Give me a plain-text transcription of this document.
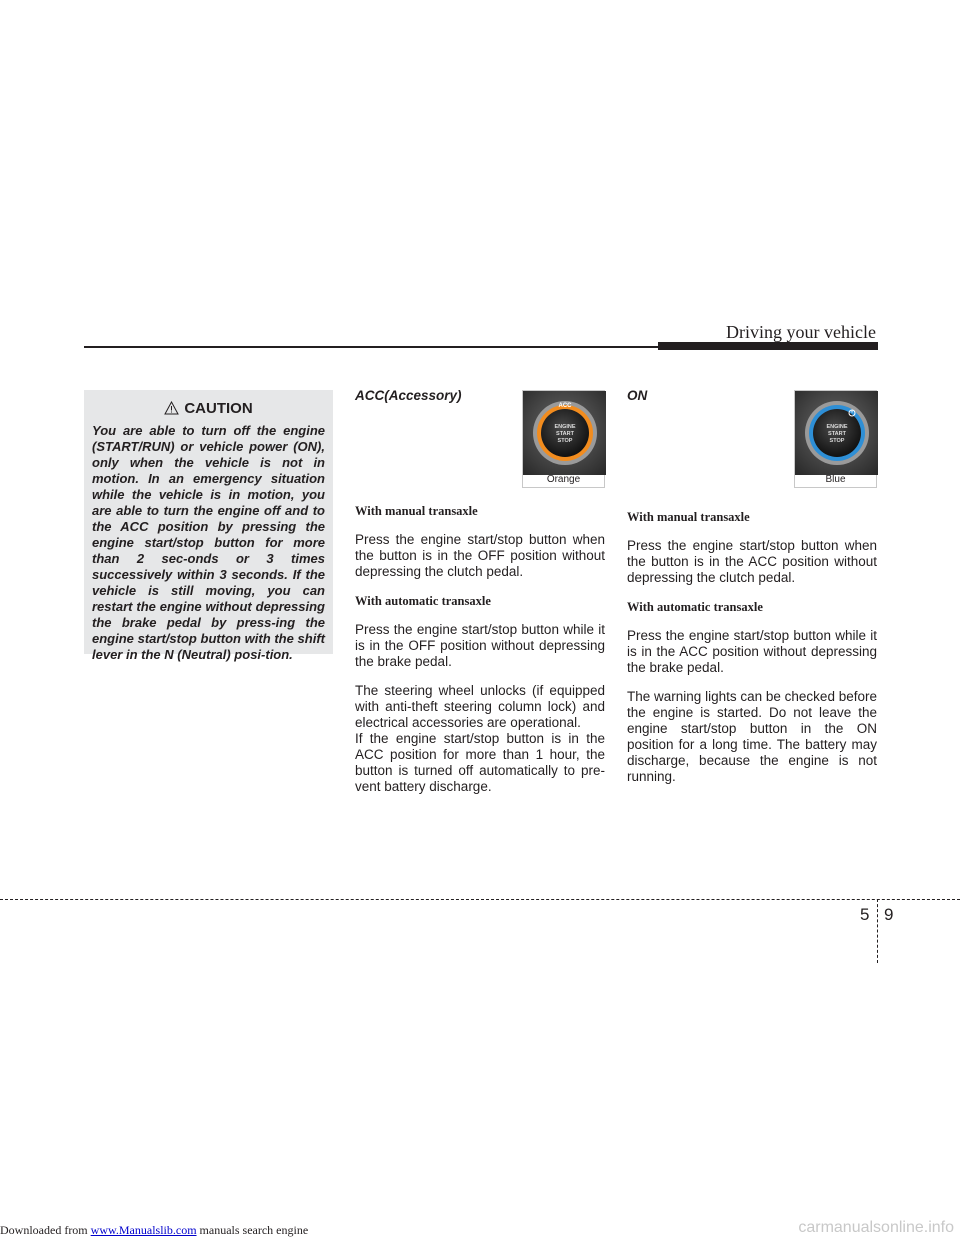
Driving your vehicle
CAUTION
You are able to turn off the engine (START/RUN) or vehicle power (ON), only when the vehicle is not in motion. In an emergency situation while the vehicle is in motion, you are able to turn the engine off and to the ACC position by pressing the engine start/stop button for more than 2 sec-onds or 3 times successively within 3 seconds. If the vehicle is still moving, you can restart the engine without depressing the brake pedal by press-ing the engine start/stop button with the shift lever in the N (Neutral) posi-tion.

ACC(Accessory)

With manual transaxle

Press the engine start/stop button when the button is in the OFF position without depressing the clutch pedal.

With automatic transaxle

Press the engine start/stop button while it is in the OFF position without depressing the brake pedal.

The steering wheel unlocks (if equipped with anti-theft steering column lock) and electrical accessories are operational.

If the engine start/stop button is in the ACC position for more than 1 hour, the button is turned off automatically to pre-vent battery discharge.

ACC
ENGINE
START
STOP
Orange

ON

With manual transaxle

Press the engine start/stop button when the button is in the ACC position without depressing the clutch pedal.

With automatic transaxle

Press the engine start/stop button while it is in the ACC position without depressing the brake pedal.

The warning lights can be checked before the engine is started. Do not leave the engine start/stop button in the ON position for a long time. The battery may discharge, because the engine is not running.

ENGINE
START
STOP
Blue
5 9
Downloaded from www.Manualslib.com manuals search engine	carmanualsonline.info
